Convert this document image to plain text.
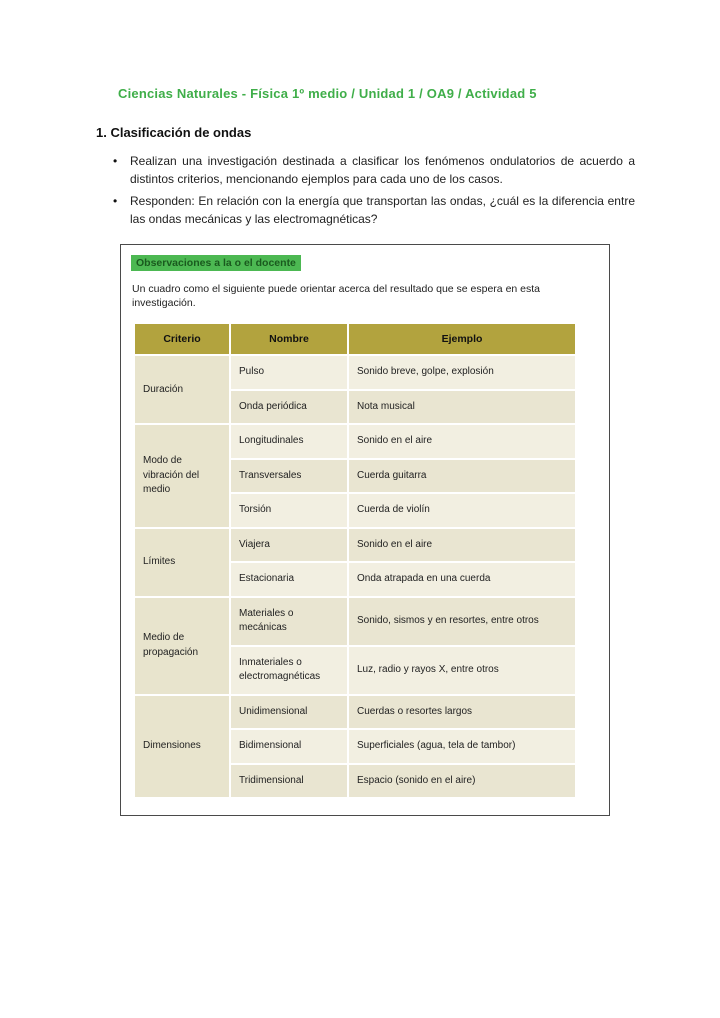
Ciencias Naturales - Física 1º medio / Unidad 1 / OA9 / Actividad 5
1. Clasificación de ondas
• Realizan una investigación destinada a clasificar los fenómenos ondulatorios de acuerdo a distintos criterios, mencionando ejemplos para cada uno de los casos.
• Responden: En relación con la energía que transportan las ondas, ¿cuál es la diferencia entre las ondas mecánicas y las electromagnéticas?
Observaciones a la o el docente

Un cuadro como el siguiente puede orientar acerca del resultado que se espera en esta investigación.

Criterio	Nombre	Ejemplo
Duración	Pulso	Sonido breve, golpe, explosión
	Onda periódica	Nota musical
Modo de vibración del medio	Longitudinales	Sonido en el aire
	Transversales	Cuerda guitarra
	Torsión	Cuerda de violín
Límites	Viajera	Sonido en el aire
	Estacionaria	Onda atrapada en una cuerda
Medio de propagación	Materiales o mecánicas	Sonido, sismos y en resortes, entre otros
	Inmateriales o electromagnéticas	Luz, radio y rayos X, entre otros
Dimensiones	Unidimensional	Cuerdas o resortes largos
	Bidimensional	Superficiales (agua, tela de tambor)
	Tridimensional	Espacio (sonido en el aire)
